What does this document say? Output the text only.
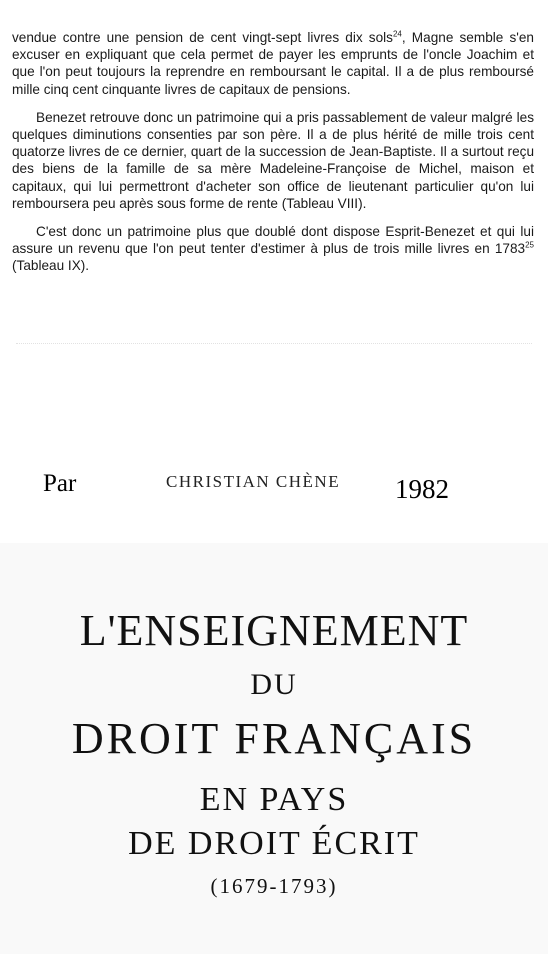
vendue contre une pension de cent vingt-sept livres dix sols$^{24}$, Magne semble s'en excuser en expliquant que cela permet de payer les emprunts de l'oncle Joachim et que l'on peut toujours la reprendre en remboursant le capital. Il a de plus remboursé mille cinq cent cinquante livres de capitaux de pensions.

Benezet retrouve donc un patrimoine qui a pris passablement de valeur malgré les quelques diminutions consenties par son père. Il a de plus hérité de mille trois cent quatorze livres de ce dernier, quart de la succession de Jean-Baptiste. Il a surtout reçu des biens de la famille de sa mère Madeleine-Françoise de Michel, maison et capitaux, qui lui permettront d'acheter son office de lieutenant particulier qu'on lui remboursera peu après sous forme de rente (Tableau VIII).

C'est donc un patrimoine plus que doublé dont dispose Esprit-Benezet et qui lui assure un revenu que l'on peut tenter d'estimer à plus de trois mille livres en 1783$^{25}$ (Tableau IX).

Par	CHRISTIAN CHÈNE 1982
L'ENSEIGNEMENT
DU
DROIT FRANÇAIS
EN PAYS
DE DROIT ÉCRIT
(1679-1793)
